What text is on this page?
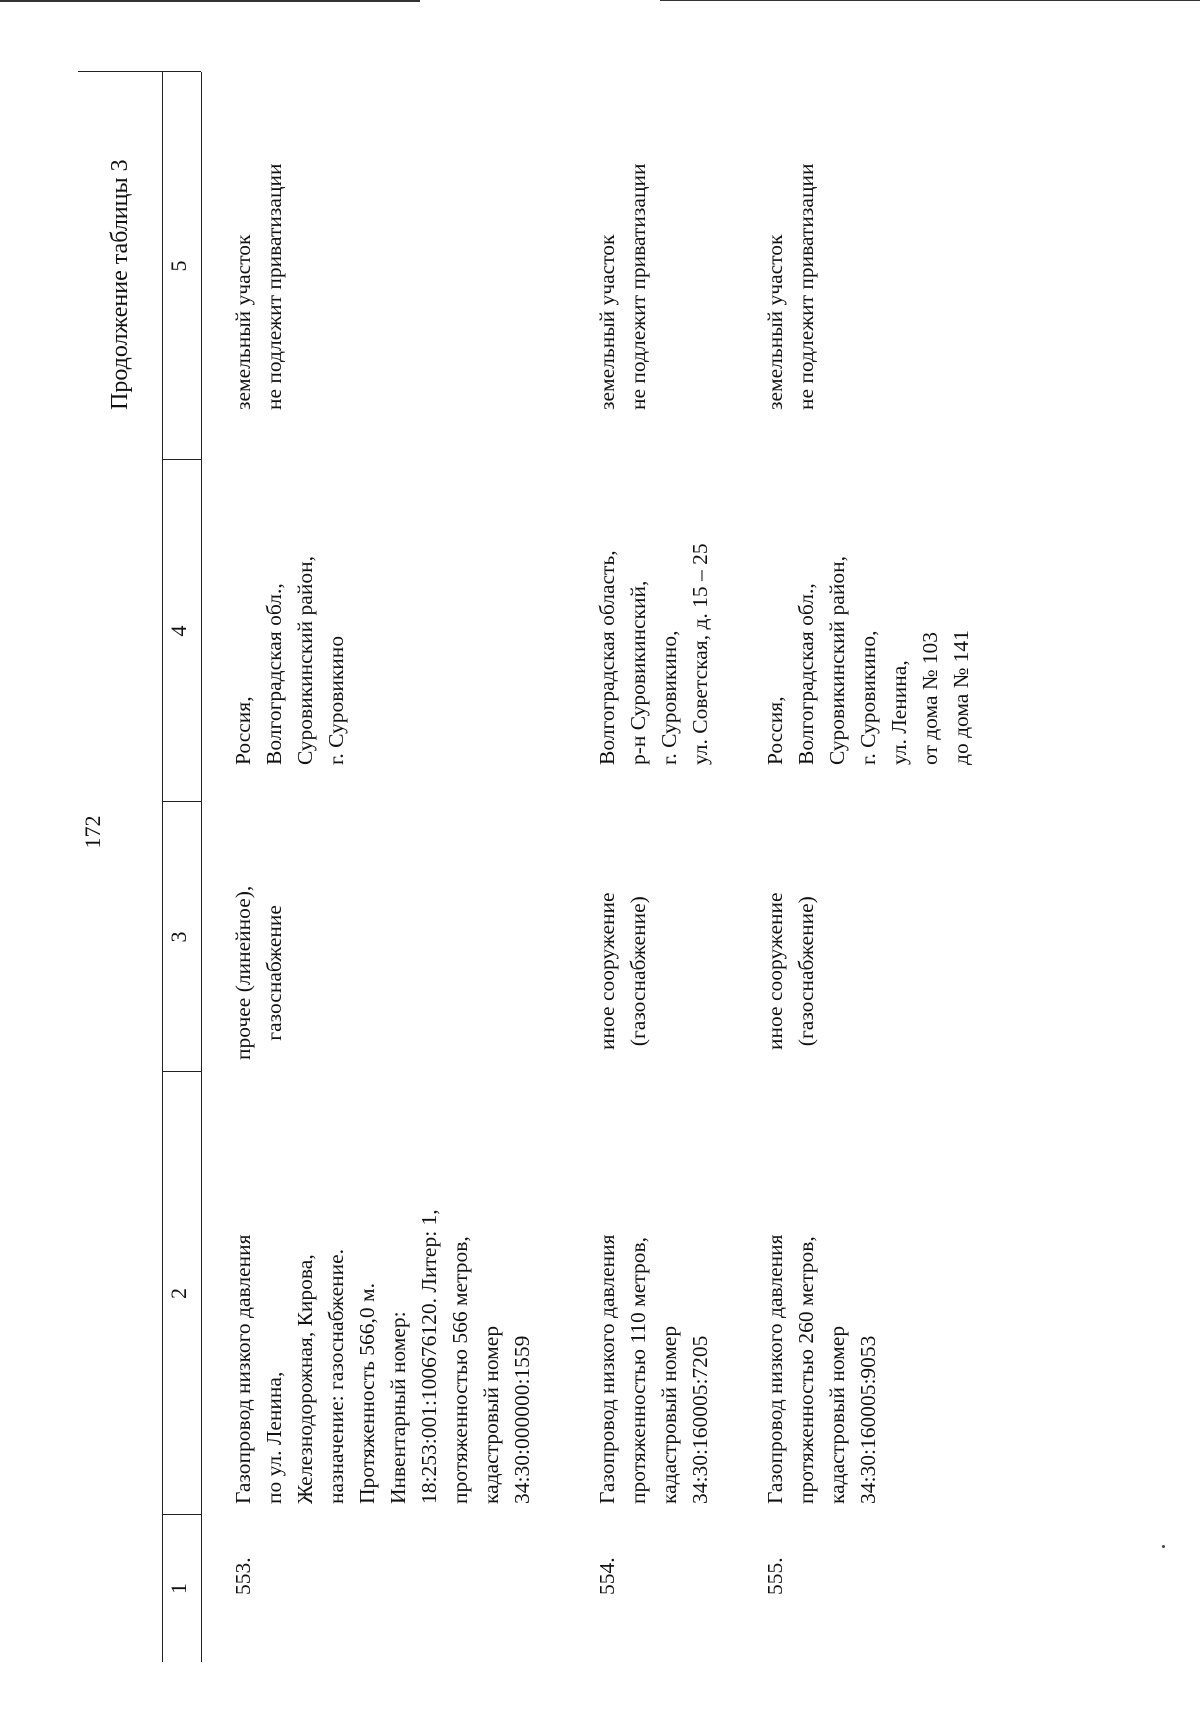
172
Продолжение таблицы 3
1
2
3
4
5
553.
Газопровод низкого давления
по ул. Ленина,
Железнодорожная, Кирова,
назначение: газоснабжение.
Протяженность 566,0 м.
Инвентарный номер:
18:253:001:100676120. Литер: 1,
протяженностью 566 метров,
кадастровый номер
34:30:000000:1559
прочее (линейное),
газоснабжение
Россия,
Волгоградская обл.,
Суровикинский район,
г. Суровикино
земельный участок
не подлежит приватизации
554.
Газопровод низкого давления
протяженностью 110 метров,
кадастровый номер
34:30:160005:7205
иное сооружение
(газоснабжение)
Волгоградская область,
р-н Суровикинский,
г. Суровикино,
ул. Советская, д. 15 – 25
земельный участок
не подлежит приватизации
555.
Газопровод низкого давления
протяженностью 260 метров,
кадастровый номер
34:30:160005:9053
иное сооружение
(газоснабжение)
Россия,
Волгоградская обл.,
Суровикинский район,
г. Суровикино,
ул. Ленина,
от дома № 103
до дома № 141
земельный участок
не подлежит приватизации
